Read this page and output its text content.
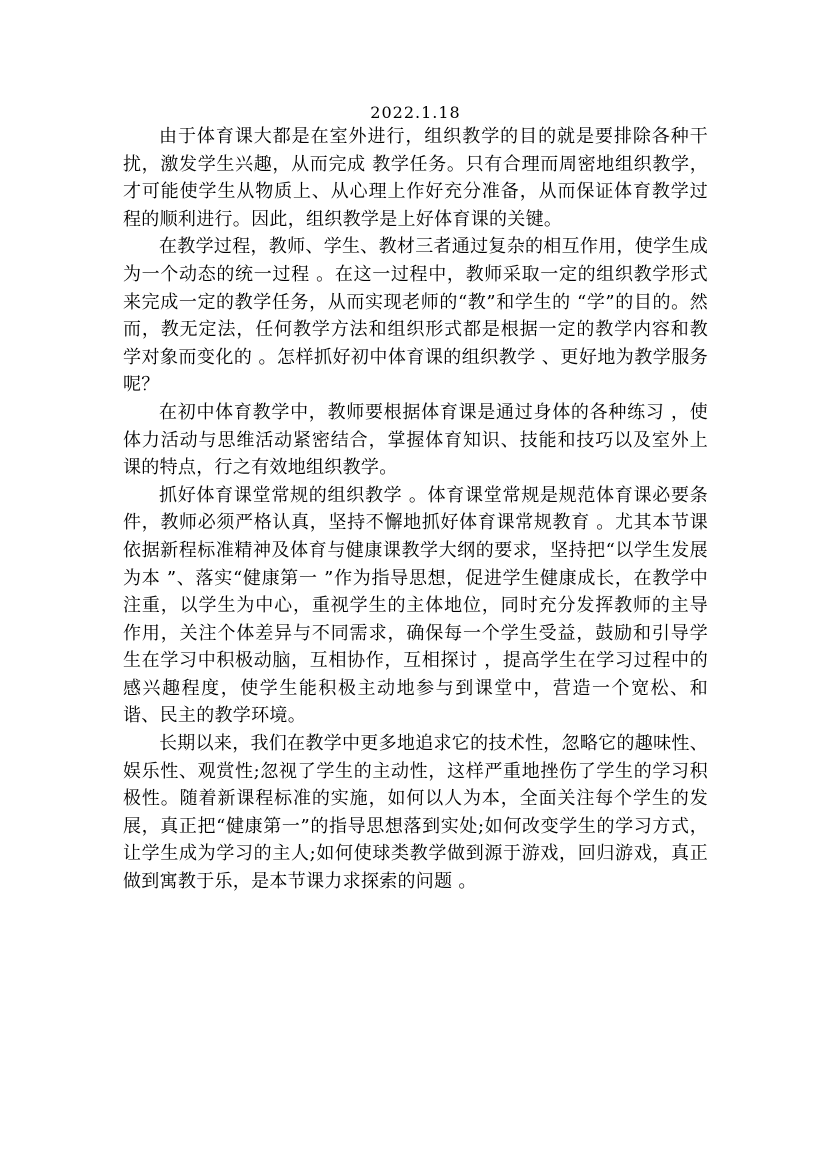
2022.1.18

由于体育课大都是在室外进行，组织教学的目的就是要排除各种干扰，激发学生兴趣，从而完成 教学任务。只有合理而周密地组织教学，才可能使学生从物质上、从心理上作好充分准备，从而保证体育教学过程的顺利进行。因此，组织教学是上好体育课的关键。

在教学过程，教师、学生、教材三者通过复杂的相互作用，使学生成为一个动态的统一过程 。在这一过程中，教师采取一定的组织教学形式来完成一定的教学任务，从而实现老师的“教”和学生的 “学”的目的。然而，教无定法，任何教学方法和组织形式都是根据一定的教学内容和教学对象而变化的 。怎样抓好初中体育课的组织教学 、更好地为教学服务呢？

在初中体育教学中，教师要根据体育课是通过身体的各种练习 ，使体力活动与思维活动紧密结合，掌握体育知识、技能和技巧以及室外上课的特点，行之有效地组织教学。

抓好体育课堂常规的组织教学 。体育课堂常规是规范体育课必要条件，教师必须严格认真，坚持不懈地抓好体育课常规教育 。尤其本节课依据新程标准精神及体育与健康课教学大纲的要求，坚持把“以学生发展为本 ”、落实“健康第一 ”作为指导思想，促进学生健康成长，在教学中注重，以学生为中心，重视学生的主体地位，同时充分发挥教师的主导作用，关注个体差异与不同需求，确保每一个学生受益，鼓励和引导学生在学习中积极动脑，互相协作，互相探讨 ，提高学生在学习过程中的感兴趣程度，使学生能积极主动地参与到课堂中，营造一个宽松、和谐、民主的教学环境。

长期以来，我们在教学中更多地追求它的技术性，忽略它的趣味性、娱乐性、观赏性;忽视了学生的主动性，这样严重地挫伤了学生的学习积极性。随着新课程标准的实施，如何以人为本，全面关注每个学生的发展，真正把“健康第一”的指导思想落到实处;如何改变学生的学习方式，让学生成为学习的主人;如何使球类教学做到源于游戏，回归游戏，真正做到寓教于乐，是本节课力求探索的问题 。
